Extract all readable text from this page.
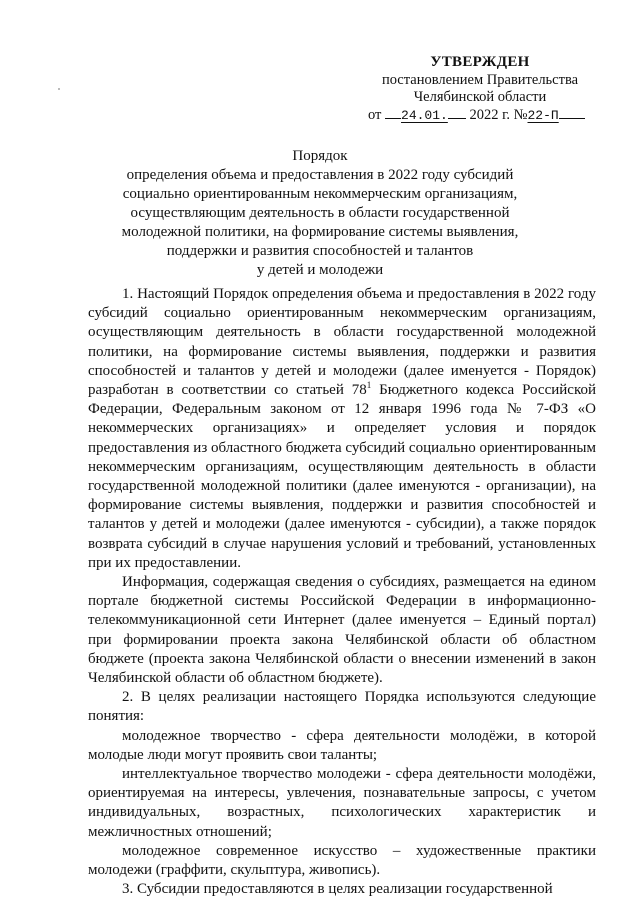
УТВЕРЖДЕН
постановлением Правительства
Челябинской области
от 24.01. 2022 г. №22-П
Порядок
определения объема и предоставления в 2022 году субсидий
социально ориентированным некоммерческим организациям,
осуществляющим деятельность в области государственной
молодежной политики, на формирование системы выявления,
поддержки и развития способностей и талантов
у детей и молодежи

1. Настоящий Порядок определения объема и предоставления в 2022 году субсидий социально ориентированным некоммерческим организациям, осуществляющим деятельность в области государственной молодежной политики, на формирование системы выявления, поддержки и развития способностей и талантов у детей и молодежи (далее именуется - Порядок) разработан в соответствии со статьей $78^1$ Бюджетного кодекса Российской Федерации, Федеральным законом от 12 января 1996 года № 7-ФЗ «О некоммерческих организациях» и определяет условия и порядок предоставления из областного бюджета субсидий социально ориентированным некоммерческим организациям, осуществляющим деятельность в области государственной молодежной политики (далее именуются - организации), на формирование системы выявления, поддержки и развития способностей и талантов у детей и молодежи (далее именуются - субсидии), а также порядок возврата субсидий в случае нарушения условий и требований, установленных при их предоставлении.

Информация, содержащая сведения о субсидиях, размещается на едином портале бюджетной системы Российской Федерации в информационно-телекоммуникационной сети Интернет (далее именуется – Единый портал) при формировании проекта закона Челябинской области об областном бюджете (проекта закона Челябинской области о внесении изменений в закон Челябинской области об областном бюджете).

2. В целях реализации настоящего Порядка используются следующие понятия:

молодежное творчество - сфера деятельности молодёжи, в которой молодые люди могут проявить свои таланты;

интеллектуальное творчество молодежи - сфера деятельности молодёжи, ориентируемая на интересы, увлечения, познавательные запросы, с учетом индивидуальных, возрастных, психологических характеристик и межличностных отношений;

молодежное современное искусство – художественные практики молодежи (граффити, скульптура, живопись).

3. Субсидии предоставляются в целях реализации государственной
